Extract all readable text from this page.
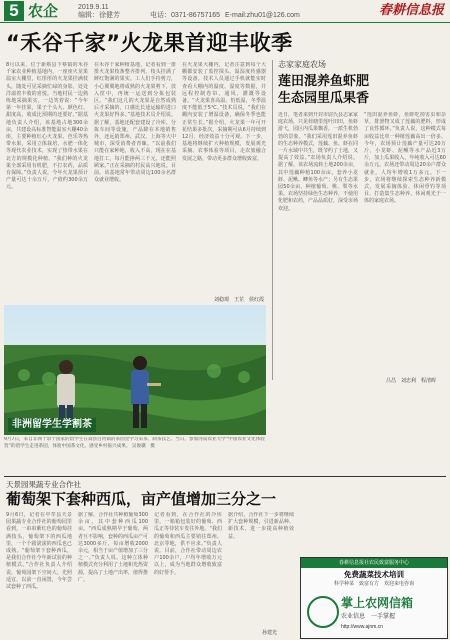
5 农企	2019.9.11
编辑：徐健芳	电话：0371-86757165 E-mail:zhu01@126.com	春耕信息报
“禾谷千家”火龙果首迎丰收季

8月以来，位于新蔡县下蔡镇的禾谷千家农业种植基地内，一座座火龙果温室大棚里，红彤彤的火龙果挂满枝头，随处可见采摘忙碌的身影，处处洋溢着丰收的喜悦。当地村民一边熟练地采摘果实，一边笑着说：“今年第一年挂果，果子个头大、颜色红、甜度高，收成比预期的还要好。”据基地负责人介绍，该基地占地300余亩，共建设高标准智能温室大棚40余座，主要种植红心火龙果、芭乐等热带水果，采用立体栽培、水肥一体化等现代农业技术，实现了热带水果在北方的规模化种植。“我们种的火龙果全部采用有机肥，不打农药，品质有保障。”负责人说，今年火龙果预计产量可达十余万斤，产值约300余万元。

在禾谷千家种植基地，记者看到一排排火龙果枝条整齐排列，枝头挂满了鲜红饱满的果实。工人们手持剪刀，小心翼翼地将成熟的火龙果剪下，放入筐中，再统一运送到分拣包装区。“我们这儿的火龙果是自然成熟后才采摘的，口感比长途运输的进口火龙果好得多。”基地技术员介绍说。据了解，基地还配套建设了冷库、分拣车间等设施，产品除在本地销售外，还远销郑州、武汉、上海等大中城市，深受消费者青睐。“以前我们只能在家种地，收入不高，现在在基地打工，每月能挣两三千元，还能照顾家。”正在采摘的村民高兴地说。目前，该基地常年带动周边100余名群众就业增收。

在火龙果大棚内，记者注意到每个大棚都安装了监控探头、温湿度传感器等设备。技术人员通过手机就能实时查看大棚内的温度、湿度等数据，并远程控制卷帘、通风、灌溉等设备。“火龙果喜高温、怕低温，冬季温度不能低于5℃。”技术员说，“我们在棚内安装了增温设备，确保冬季也能正常生长。”据介绍，火龙果一年可开花结果多批次，采摘期可从6月持续到12月，经济效益十分可观。下一步，基地将继续扩大种植规模，发展观光采摘、农事体验等项目，走农旅融合发展之路，带动更多群众增收致富。

刘稳璟　王芷　侯红霞
非洲留学生学割茶
9月7日，来自非洲十余个国家的留学生在嵩县白河镇的茶园里学习采茶、制茶技艺。当日，参加河南农业大学“中国农业文化体验营”的留学生走进茶园，体验中国茶文化，感受乡村振兴成果。 吴俊骥　摄
志家家庭农场
莲田混养鱼虾肥
生态园里瓜果香

近日，笔者来到开封市尉氏县志家家庭农场，只见荷塘里莲叶田田，鱼虾游弋，园区内瓜果飘香，一派生机勃勃的景象。“我们采用莲田混养鱼虾的生态种养模式，莲藕、鱼、虾在同一片水域中共生，既节约了土地，又提高了效益。”农场负责人介绍说。据了解，该农场流转土地200余亩，其中莲藕种植100余亩，套养小龙虾、泥鳅、鲫鱼等水产；另有生态果园50余亩，种植葡萄、桃、梨等水果。农场坚持绿色生态种养，不使用化肥和农药，产品品质好，深受市场欢迎。

“莲田混养鱼虾，鱼虾吃掉害虫和杂草，排泄物又成了莲藕的肥料，形成了良性循环。”负责人说，这种模式每亩收益比单一种植莲藕高出一倍多。今年，农场预计莲藕产量可达20万斤，小龙虾、泥鳅等水产品近3万斤，加上瓜果收入，年纯收入可达60余万元。农场还带动周边20余户群众就业，人均年增收1万多元。下一步，农场将继续探索生态种养新模式，发展采摘体验、休闲垂钓等项目，打造集生态种养、休闲观光于一体的家庭农场。

吕昌　刘忠利　程清晖
天景园果蔬专业合作社
葡萄架下套种西瓜，亩产值增加三分之一

9月6日，记者在中牟县天景园果蔬专业合作社的葡萄园里看到，一串串紫红色的葡萄挂满枝头，葡萄架下的西瓜地里，一个个圆滚滚的西瓜也已成熟。“葡萄架下套种西瓜，是我们合作社今年新试验的种植模式。”合作社负责人介绍说，葡萄园架下空间大、光照适宜，以前一直闲置，今年尝试套种了西瓜。

据了解，合作社共种植葡萄300余亩，其中套种西瓜100亩。“西瓜成熟期早于葡萄，两者互不影响，套种的西瓜亩产可达3000多斤，每亩增收2000余元，相当于亩产值增加了三分之一。”负责人说。这种立体种植模式充分利用了土地和光热资源，提高了土地产出率，值得推广。

记者看到，在合作社的冷库里，一箱箱包装好的葡萄、西瓜正等待装车发往外地。“我们的葡萄和西瓜主要销往郑州、北京等地，供不应求。”负责人说。目前，合作社带动周边农户100余户，户均年增收万元以上，成为当地群众增收致富的好帮手。

据介绍，合作社下一步将继续扩大套种规模，引进新品种、新技术，进一步提高种植效益。

孙建光
春耕信息报社农民致富服务中心
免费蔬菜技术培训
科学种菜　致富有方　欢迎来电咨询
掌上农网信箱
农业信息　一手掌握
http://www.ajnm.cn
